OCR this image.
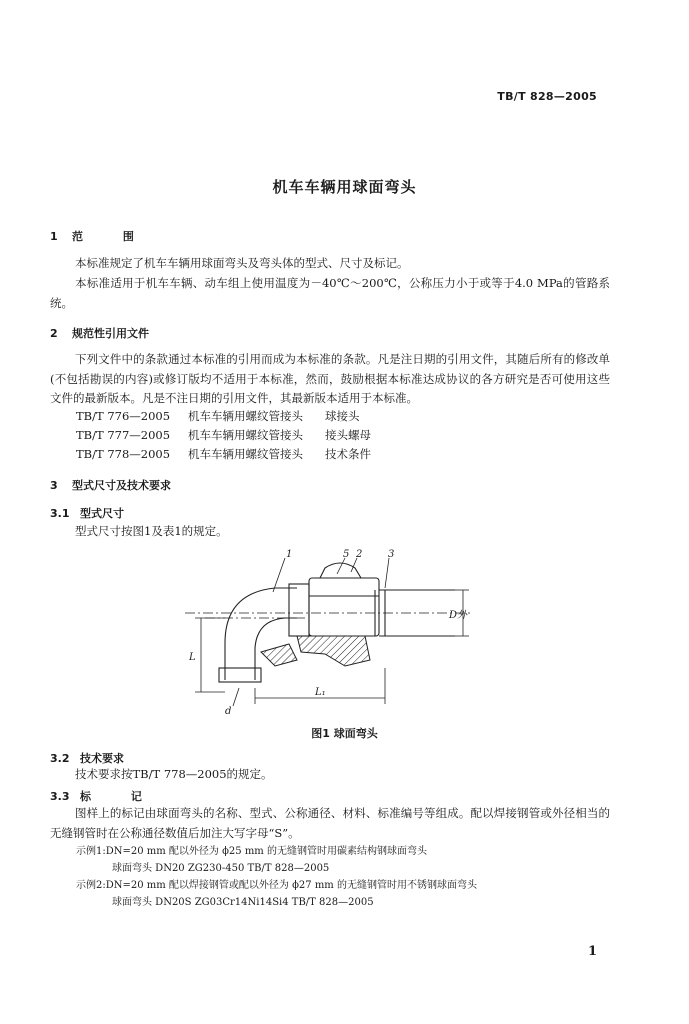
TB/T 828—2005
机车车辆用球面弯头
1 范 围
本标准规定了机车车辆用球面弯头及弯头体的型式、尺寸及标记。
本标准适用于机车车辆、动车组上使用温度为－40℃～200℃，公称压力小于或等于4.0 MPa的管路系统。
2 规范性引用文件
下列文件中的条款通过本标准的引用而成为本标准的条款。凡是注日期的引用文件，其随后所有的修改单(不包括勘误的内容)或修订版均不适用于本标准，然而，鼓励根据本标准达成协议的各方研究是否可使用这些文件的最新版本。凡是不注日期的引用文件，其最新版本适用于本标准。
TB/T 776—2005 机车车辆用螺纹管接头 球接头
TB/T 777—2005 机车车辆用螺纹管接头 接头螺母
TB/T 778—2005 机车车辆用螺纹管接头 技术条件
3 型式尺寸及技术要求
3.1 型式尺寸
型式尺寸按图1及表1的规定。
1	5 2	3
L
L₁
d
D外
图1 球面弯头
3.2 技术要求
技术要求按TB/T 778—2005的规定。
3.3 标 记
图样上的标记由球面弯头的名称、型式、公称通径、材料、标准编号等组成。配以焊接钢管或外径相当的无缝钢管时在公称通径数值后加注大写字母“S”。
示例1:DN=20 mm 配以外径为 ϕ25 mm 的无缝钢管时用碳素结构钢球面弯头
球面弯头 DN20 ZG230-450 TB/T 828—2005
示例2:DN=20 mm 配以焊接钢管或配以外径为 ϕ27 mm 的无缝钢管时用不锈钢球面弯头
球面弯头 DN20S ZG03Cr14Ni14Si4 TB/T 828—2005
1
